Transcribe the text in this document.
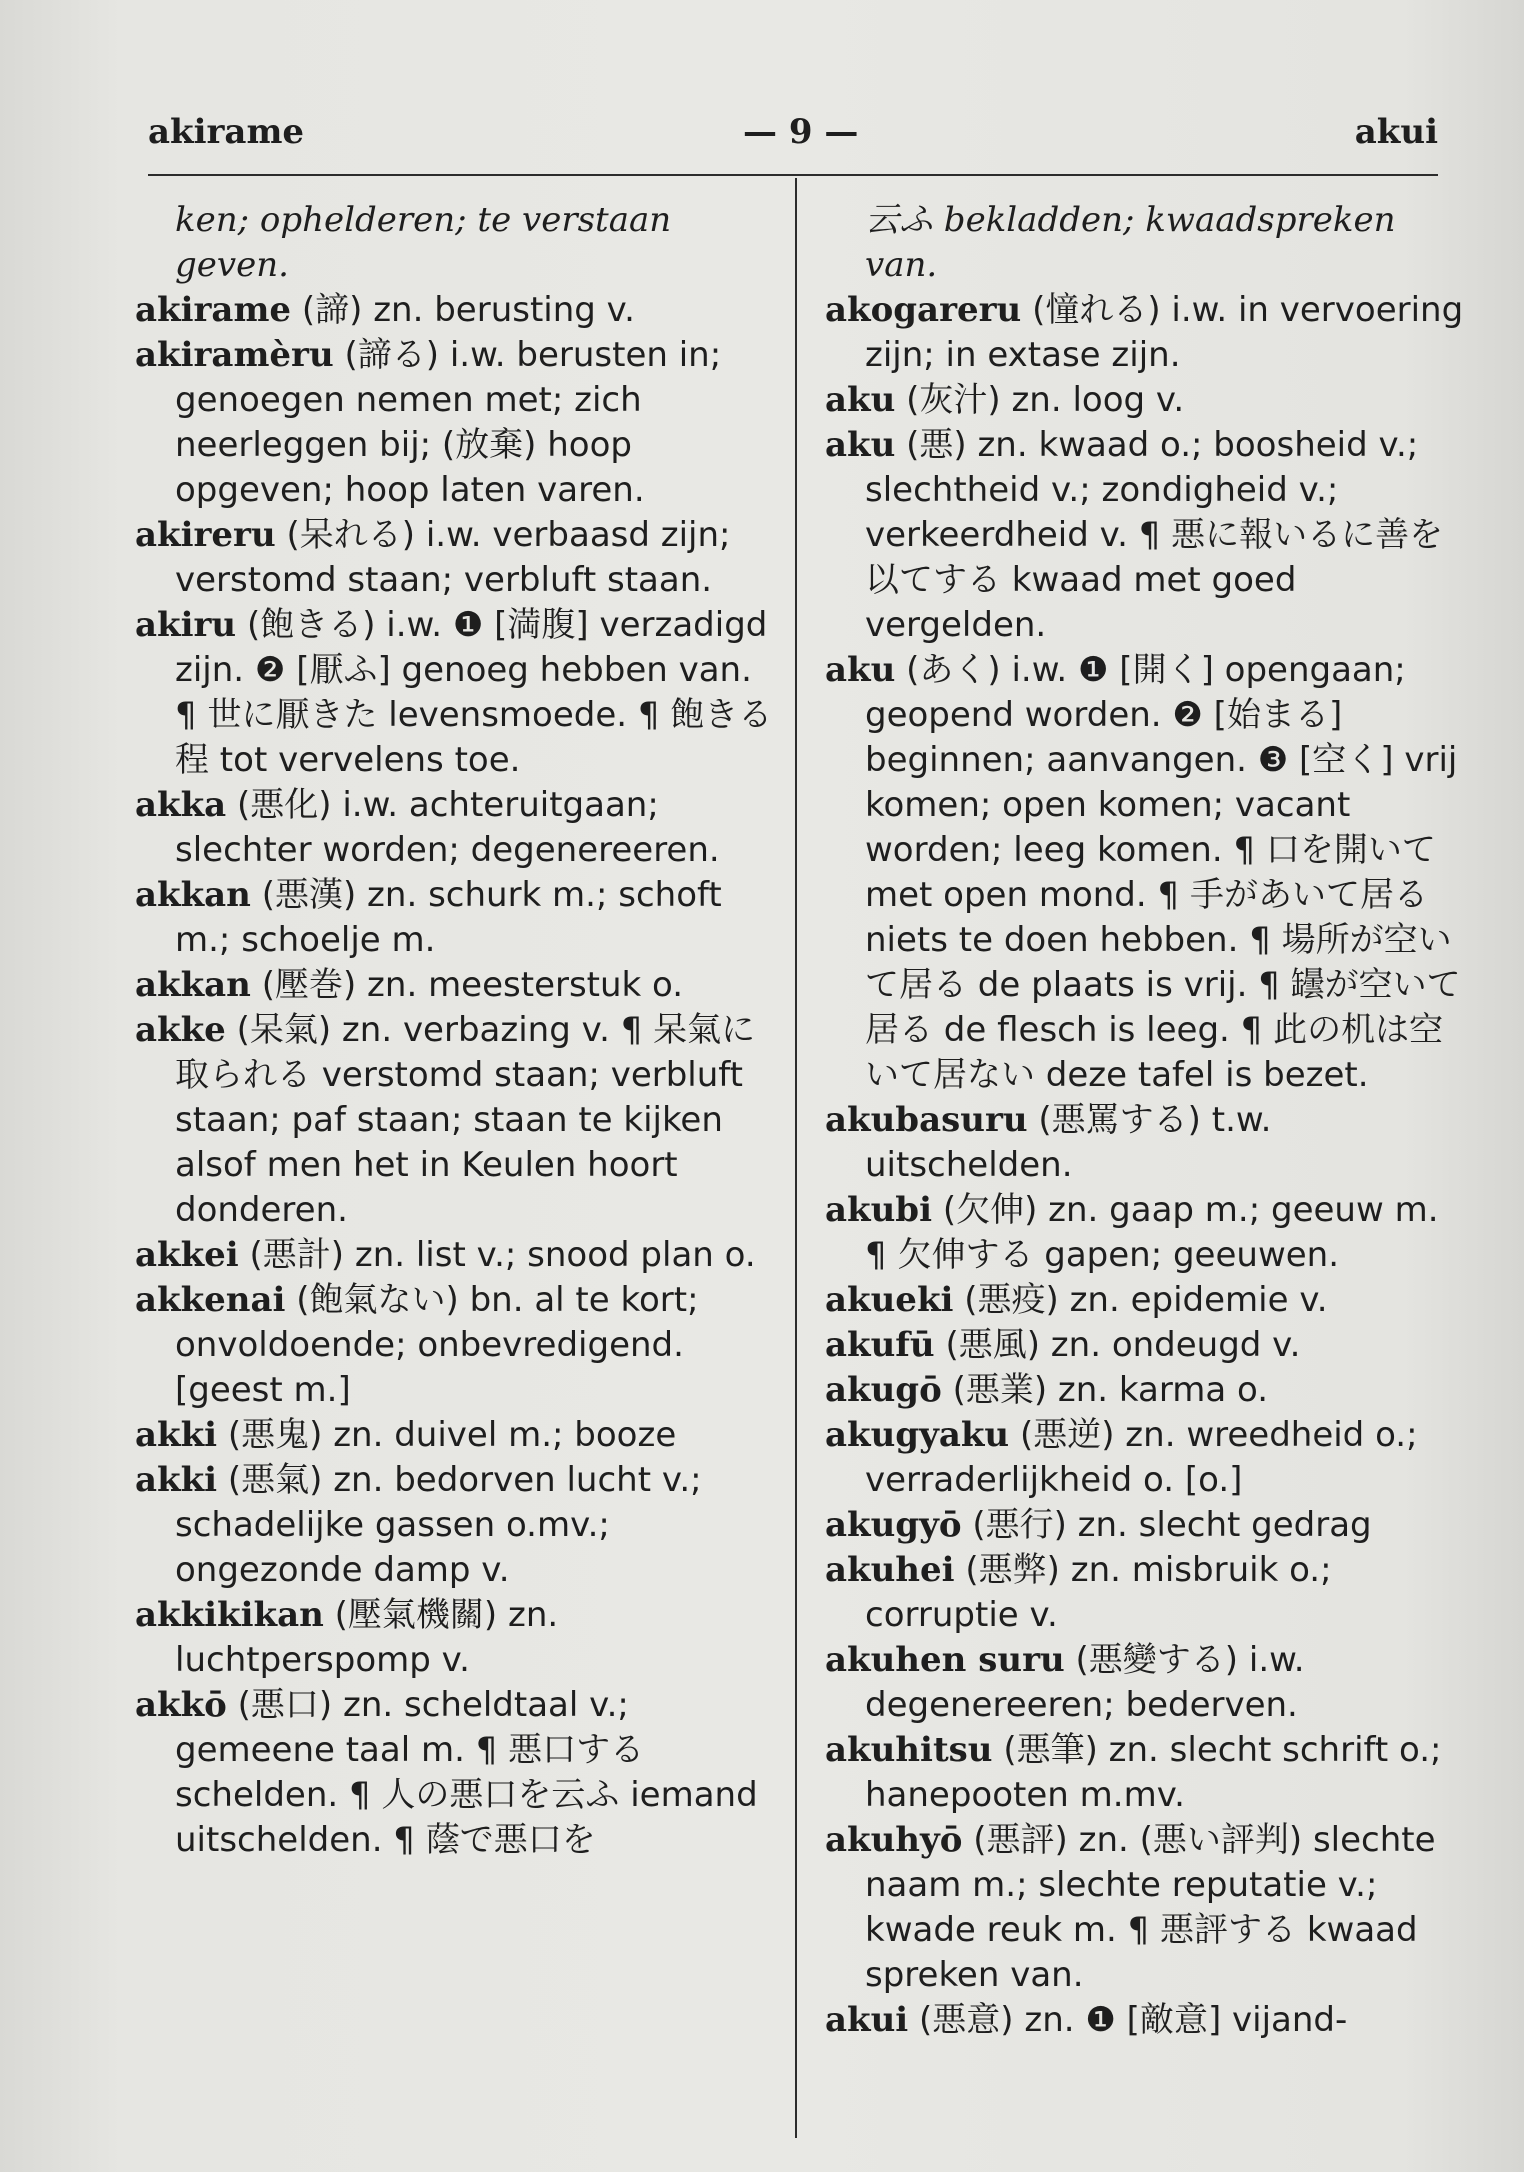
akirame	— 9 —	akui

ken; ophelderen; te verstaan geven.

akirame (諦) zn. berusting v.

akiramèru (諦る) i.w. berusten in; genoegen nemen met; zich neerleggen bij; (放棄) hoop opgeven; hoop laten varen.

akireru (呆れる) i.w. verbaasd zijn; verstomd staan; verbluft staan.

akiru (飽きる) i.w. ❶ [満腹] verzadigd zijn. ❷ [厭ふ] genoeg hebben van. ¶ 世に厭きた levensmoede. ¶ 飽きる程 tot vervelens toe.

akka (悪化) i.w. achteruitgaan; slechter worden; degenereeren.

akkan (悪漢) zn. schurk m.; schoft m.; schoelje m.

akkan (壓巻) zn. meesterstuk o.

akke (呆氣) zn. verbazing v. ¶ 呆氣に取られる verstomd staan; verbluft staan; paf staan; staan te kijken alsof men het in Keulen hoort donderen.

akkei (悪計) zn. list v.; snood plan o.

akkenai (飽氣ない) bn. al te kort; onvoldoende; onbevredigend. [geest m.]

akki (悪鬼) zn. duivel m.; booze

akki (悪氣) zn. bedorven lucht v.; schadelijke gassen o.mv.; ongezonde damp v.

akkikikan (壓氣機關) zn. luchtperspomp v.

akkō (悪口) zn. scheldtaal v.; gemeene taal m. ¶ 悪口する schelden. ¶ 人の悪口を云ふ iemand uitschelden. ¶ 蔭で悪口を

云ふ bekladden; kwaadspreken van.

akogareru (憧れる) i.w. in vervoering zijn; in extase zijn.

aku (灰汁) zn. loog v.

aku (悪) zn. kwaad o.; boosheid v.; slechtheid v.; zondigheid v.; verkeerdheid v. ¶ 悪に報いるに善を以てする kwaad met goed vergelden.

aku (あく) i.w. ❶ [開く] opengaan; geopend worden. ❷ [始まる] beginnen; aanvangen. ❸ [空く] vrij komen; open komen; vacant worden; leeg komen. ¶ 口を開いて met open mond. ¶ 手があいて居る niets te doen hebben. ¶ 場所が空いて居る de plaats is vrij. ¶ 罎が空いて居る de flesch is leeg. ¶ 此の机は空いて居ない deze tafel is bezet.

akubasuru (悪罵する) t.w. uitschelden.

akubi (欠伸) zn. gaap m.; geeuw m. ¶ 欠伸する gapen; geeuwen.

akueki (悪疫) zn. epidemie v.

akufū (悪風) zn. ondeugd v.

akugō (悪業) zn. karma o.

akugyaku (悪逆) zn. wreedheid o.; verraderlijkheid o. [o.]

akugyō (悪行) zn. slecht gedrag

akuhei (悪弊) zn. misbruik o.; corruptie v.

akuhen suru (悪變する) i.w. degenereeren; bederven.

akuhitsu (悪筆) zn. slecht schrift o.; hanepooten m.mv.

akuhyō (悪評) zn. (悪い評判) slechte naam m.; slechte reputatie v.; kwade reuk m. ¶ 悪評する kwaad spreken van.

akui (悪意) zn. ❶ [敵意] vijand-
